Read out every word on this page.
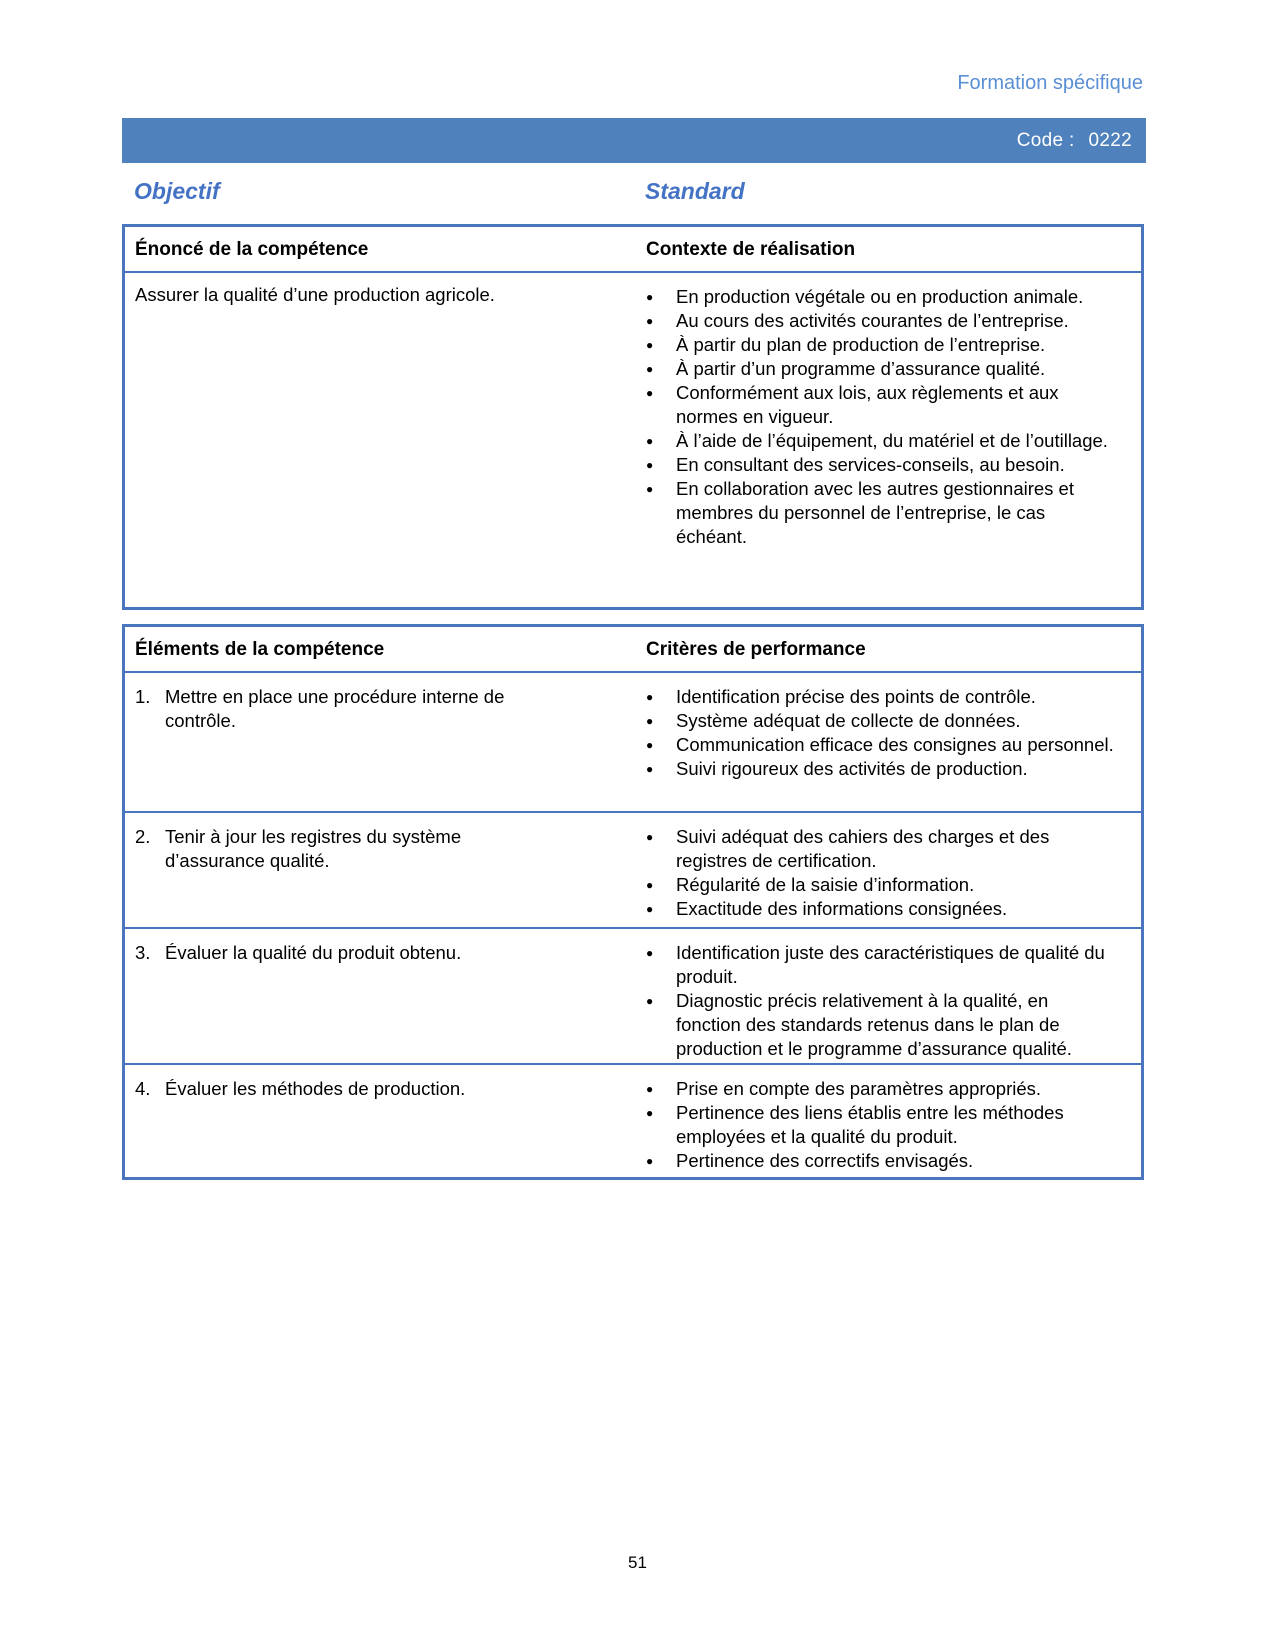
Formation spécifique
Code : 0222
Objectif	Standard
Énoncé de la compétence	Contexte de réalisation
Assurer la qualité d’une production agricole.	● En production végétale ou en production animale.
● Au cours des activités courantes de l’entreprise.
● À partir du plan de production de l’entreprise.
● À partir d’un programme d’assurance qualité.
● Conformément aux lois, aux règlements et aux normes en vigueur.
● À l’aide de l’équipement, du matériel et de l’outillage.
● En consultant des services-conseils, au besoin.
● En collaboration avec les autres gestionnaires et membres du personnel de l’entreprise, le cas échéant.
Éléments de la compétence	Critères de performance
1. Mettre en place une procédure interne de contrôle.
● Identification précise des points de contrôle.
● Système adéquat de collecte de données.
● Communication efficace des consignes au personnel.
● Suivi rigoureux des activités de production.
2. Tenir à jour les registres du système d’assurance qualité.
● Suivi adéquat des cahiers des charges et des registres de certification.
● Régularité de la saisie d’information.
● Exactitude des informations consignées.
3. Évaluer la qualité du produit obtenu.	● Identification juste des caractéristiques de qualité du produit.
● Diagnostic précis relativement à la qualité, en fonction des standards retenus dans le plan de production et le programme d’assurance qualité.
4. Évaluer les méthodes de production.	● Prise en compte des paramètres appropriés.
● Pertinence des liens établis entre les méthodes employées et la qualité du produit.
● Pertinence des correctifs envisagés.
51
